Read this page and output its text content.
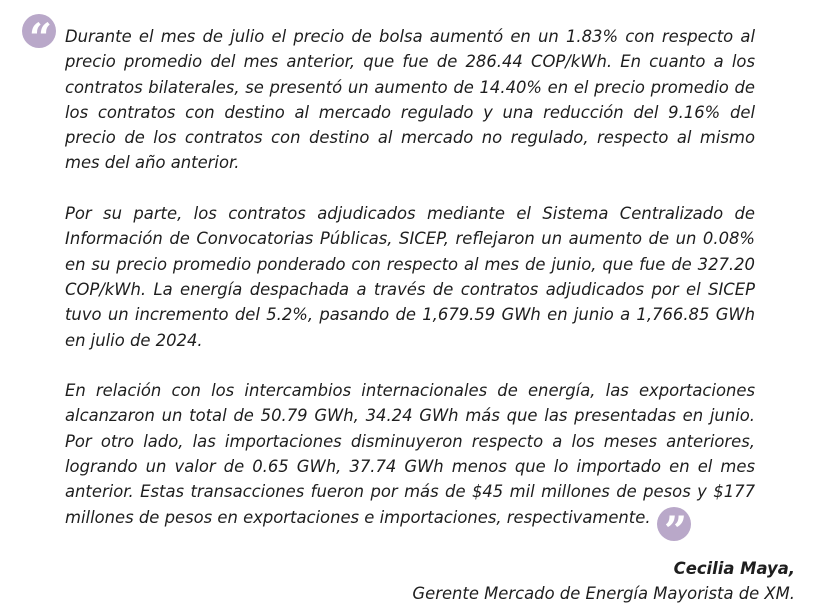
“ Durante el mes de julio el precio de bolsa aumentó en un 1.83% con respecto al precio promedio del mes anterior, que fue de 286.44 COP/kWh. En cuanto a los contratos bilaterales, se presentó un aumento de 14.40% en el precio promedio de los contratos con destino al mercado regulado y una reducción del 9.16% del precio de los contratos con destino al mercado no regulado, respecto al mismo mes del año anterior.

Por su parte, los contratos adjudicados mediante el Sistema Centralizado de Información de Convocatorias Públicas, SICEP, reflejaron un aumento de un 0.08% en su precio promedio ponderado con respecto al mes de junio, que fue de 327.20 COP/kWh. La energía despachada a través de contratos adjudicados por el SICEP tuvo un incremento del 5.2%, pasando de 1,679.59 GWh en junio a 1,766.85 GWh en julio de 2024.

En relación con los intercambios internacionales de energía, las exportaciones alcanzaron un total de 50.79 GWh, 34.24 GWh más que las presentadas en junio. Por otro lado, las importaciones disminuyeron respecto a los meses anteriores, logrando un valor de 0.65 GWh, 37.74 GWh menos que lo importado en el mes anterior. Estas transacciones fueron por más de $45 mil millones de pesos y $177 millones de pesos en exportaciones e importaciones, respectivamente. ”
Cecilia Maya,
Gerente Mercado de Energía Mayorista de XM.
